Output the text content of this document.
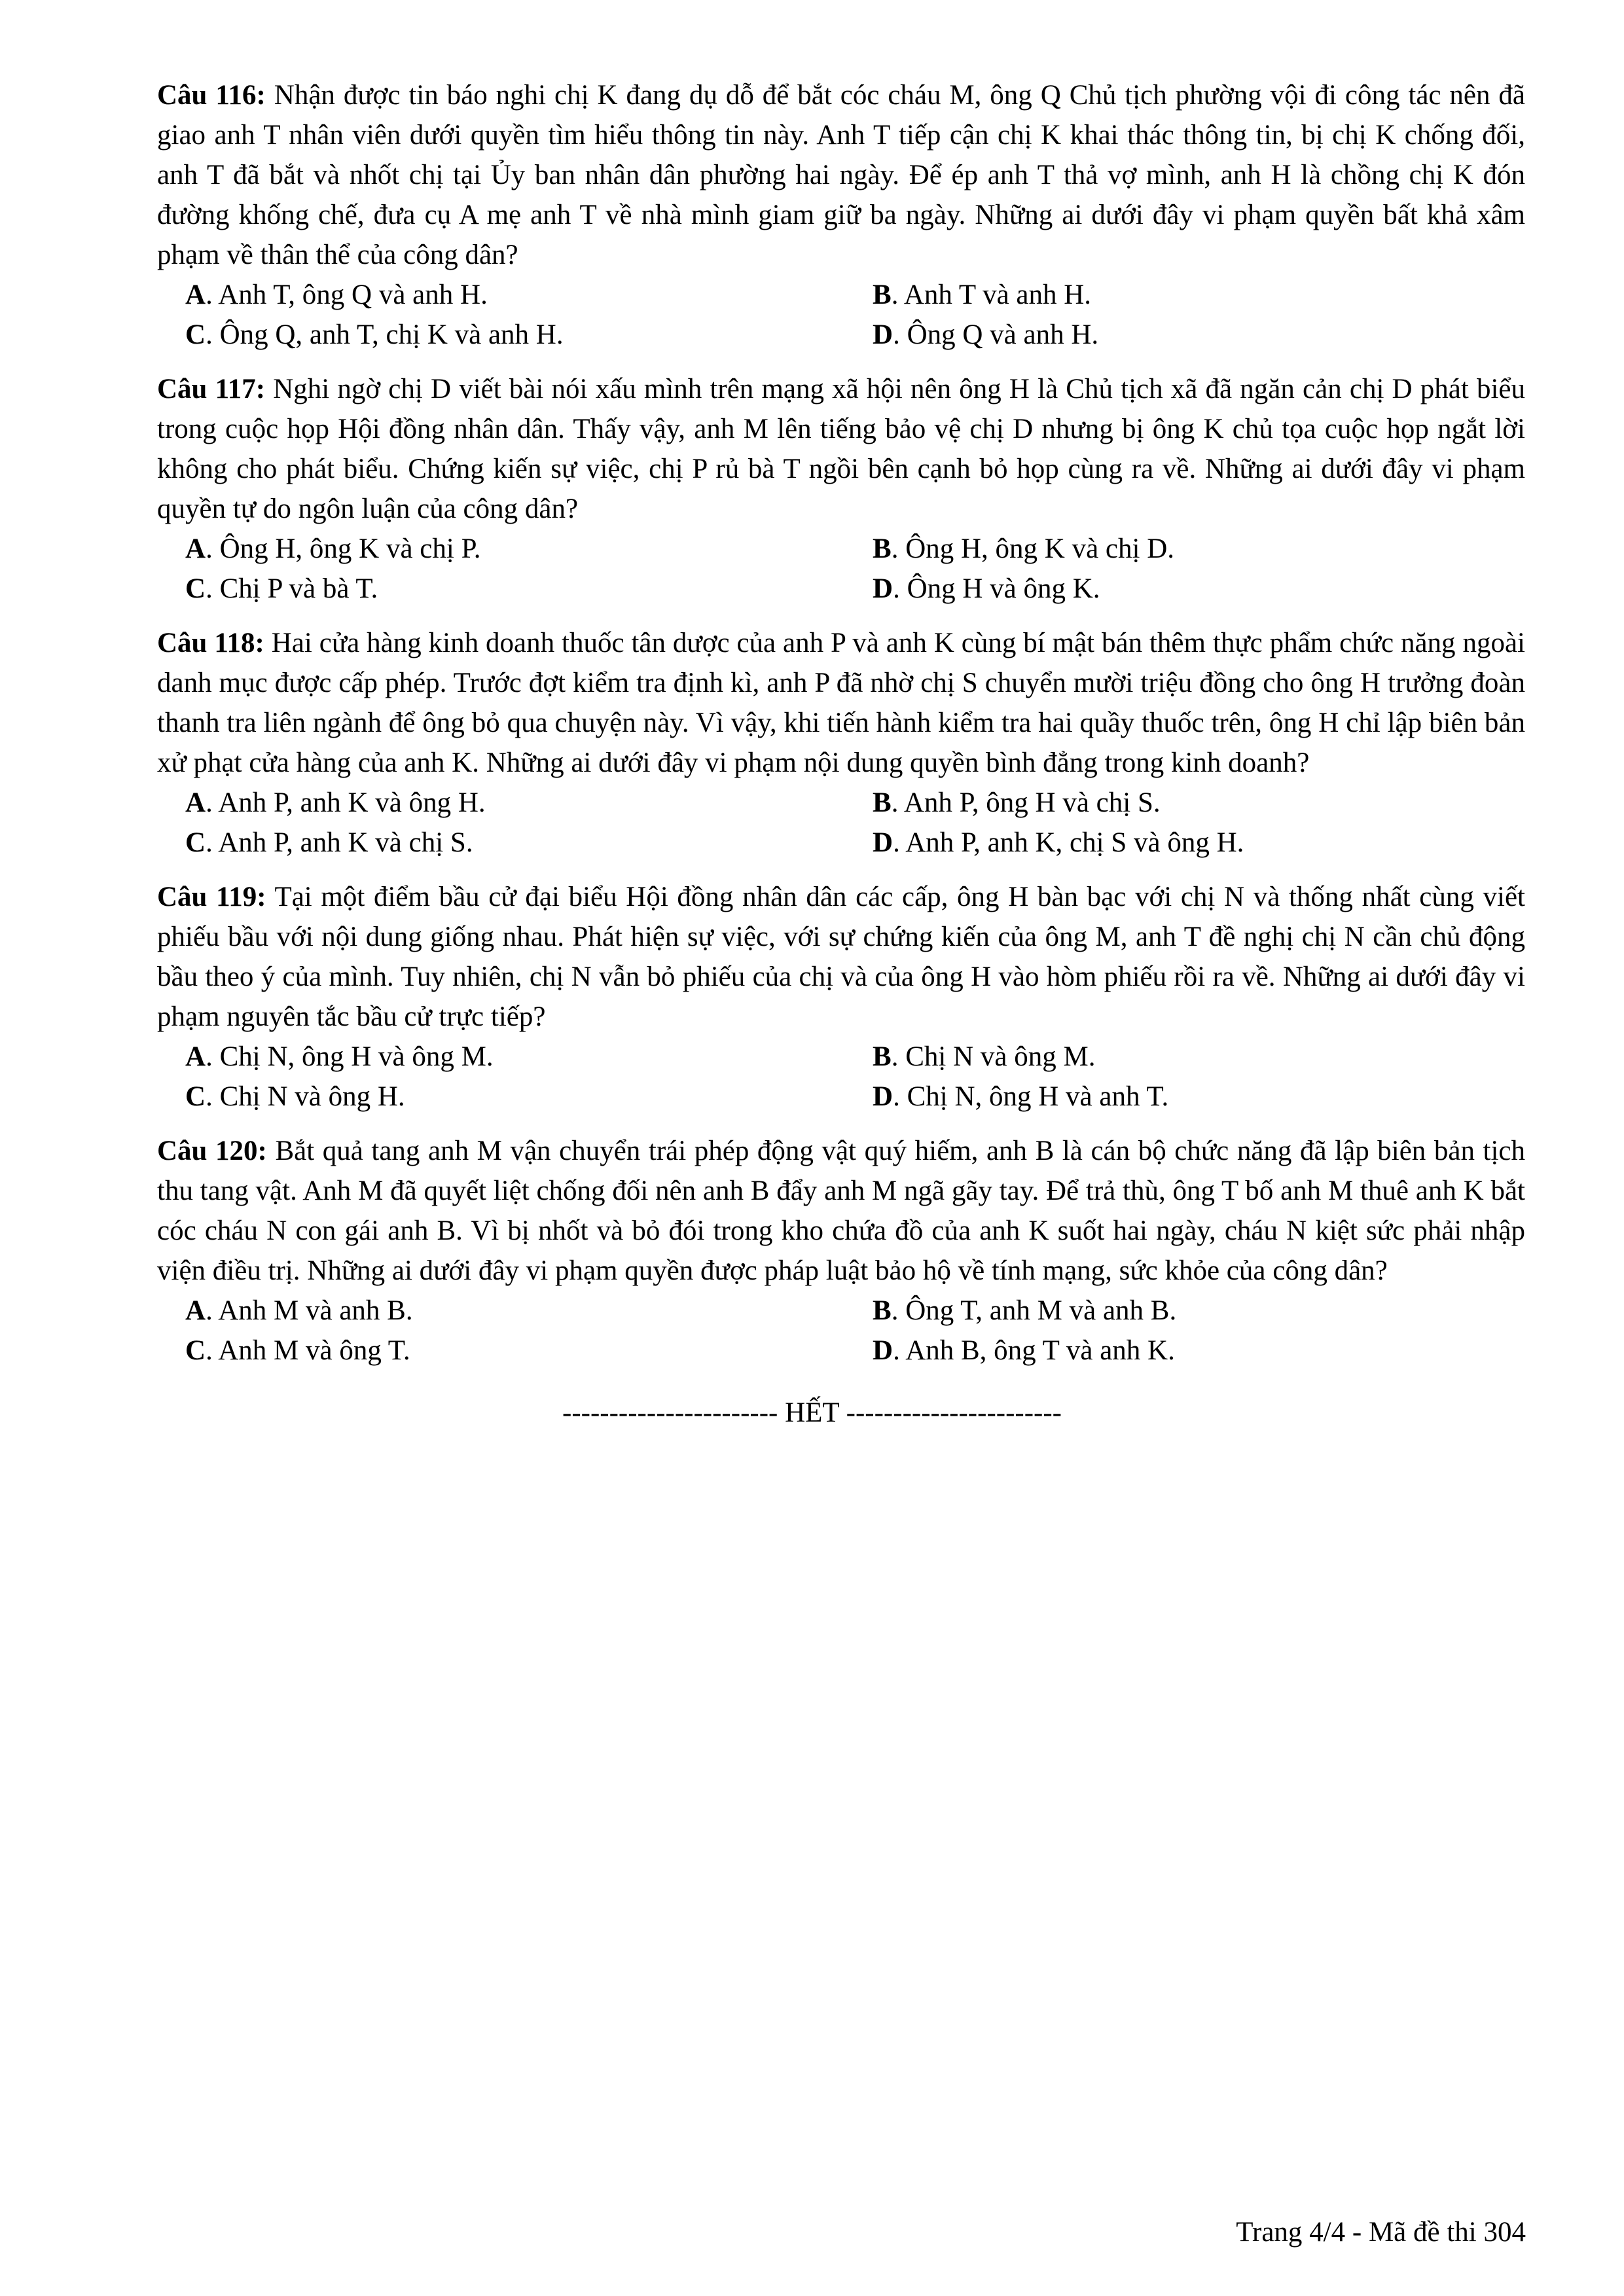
Câu 116: Nhận được tin báo nghi chị K đang dụ dỗ để bắt cóc cháu M, ông Q Chủ tịch phường vội đi công tác nên đã giao anh T nhân viên dưới quyền tìm hiểu thông tin này. Anh T tiếp cận chị K khai thác thông tin, bị chị K chống đối, anh T đã bắt và nhốt chị tại Ủy ban nhân dân phường hai ngày. Để ép anh T thả vợ mình, anh H là chồng chị K đón đường khống chế, đưa cụ A mẹ anh T về nhà mình giam giữ ba ngày. Những ai dưới đây vi phạm quyền bất khả xâm phạm về thân thể của công dân?

A. Anh T, ông Q và anh H.	B. Anh T và anh H.
C. Ông Q, anh T, chị K và anh H.	D. Ông Q và anh H.

Câu 117: Nghi ngờ chị D viết bài nói xấu mình trên mạng xã hội nên ông H là Chủ tịch xã đã ngăn cản chị D phát biểu trong cuộc họp Hội đồng nhân dân. Thấy vậy, anh M lên tiếng bảo vệ chị D nhưng bị ông K chủ tọa cuộc họp ngắt lời không cho phát biểu. Chứng kiến sự việc, chị P rủ bà T ngồi bên cạnh bỏ họp cùng ra về. Những ai dưới đây vi phạm quyền tự do ngôn luận của công dân?

A. Ông H, ông K và chị P.	B. Ông H, ông K và chị D.
C. Chị P và bà T.	D. Ông H và ông K.

Câu 118: Hai cửa hàng kinh doanh thuốc tân dược của anh P và anh K cùng bí mật bán thêm thực phẩm chức năng ngoài danh mục được cấp phép. Trước đợt kiểm tra định kì, anh P đã nhờ chị S chuyển mười triệu đồng cho ông H trưởng đoàn thanh tra liên ngành để ông bỏ qua chuyện này. Vì vậy, khi tiến hành kiểm tra hai quầy thuốc trên, ông H chỉ lập biên bản xử phạt cửa hàng của anh K. Những ai dưới đây vi phạm nội dung quyền bình đẳng trong kinh doanh?

A. Anh P, anh K và ông H.	B. Anh P, ông H và chị S.
C. Anh P, anh K và chị S.	D. Anh P, anh K, chị S và ông H.

Câu 119: Tại một điểm bầu cử đại biểu Hội đồng nhân dân các cấp, ông H bàn bạc với chị N và thống nhất cùng viết phiếu bầu với nội dung giống nhau. Phát hiện sự việc, với sự chứng kiến của ông M, anh T đề nghị chị N cần chủ động bầu theo ý của mình. Tuy nhiên, chị N vẫn bỏ phiếu của chị và của ông H vào hòm phiếu rồi ra về. Những ai dưới đây vi phạm nguyên tắc bầu cử trực tiếp?

A. Chị N, ông H và ông M.	B. Chị N và ông M.
C. Chị N và ông H.	D. Chị N, ông H và anh T.

Câu 120: Bắt quả tang anh M vận chuyển trái phép động vật quý hiếm, anh B là cán bộ chức năng đã lập biên bản tịch thu tang vật. Anh M đã quyết liệt chống đối nên anh B đẩy anh M ngã gãy tay. Để trả thù, ông T bố anh M thuê anh K bắt cóc cháu N con gái anh B. Vì bị nhốt và bỏ đói trong kho chứa đồ của anh K suốt hai ngày, cháu N kiệt sức phải nhập viện điều trị. Những ai dưới đây vi phạm quyền được pháp luật bảo hộ về tính mạng, sức khỏe của công dân?

A. Anh M và anh B.	B. Ông T, anh M và anh B.
C. Anh M và ông T.	D. Anh B, ông T và anh K.
----------------------- HẾT -----------------------
Trang 4/4 - Mã đề thi 304
